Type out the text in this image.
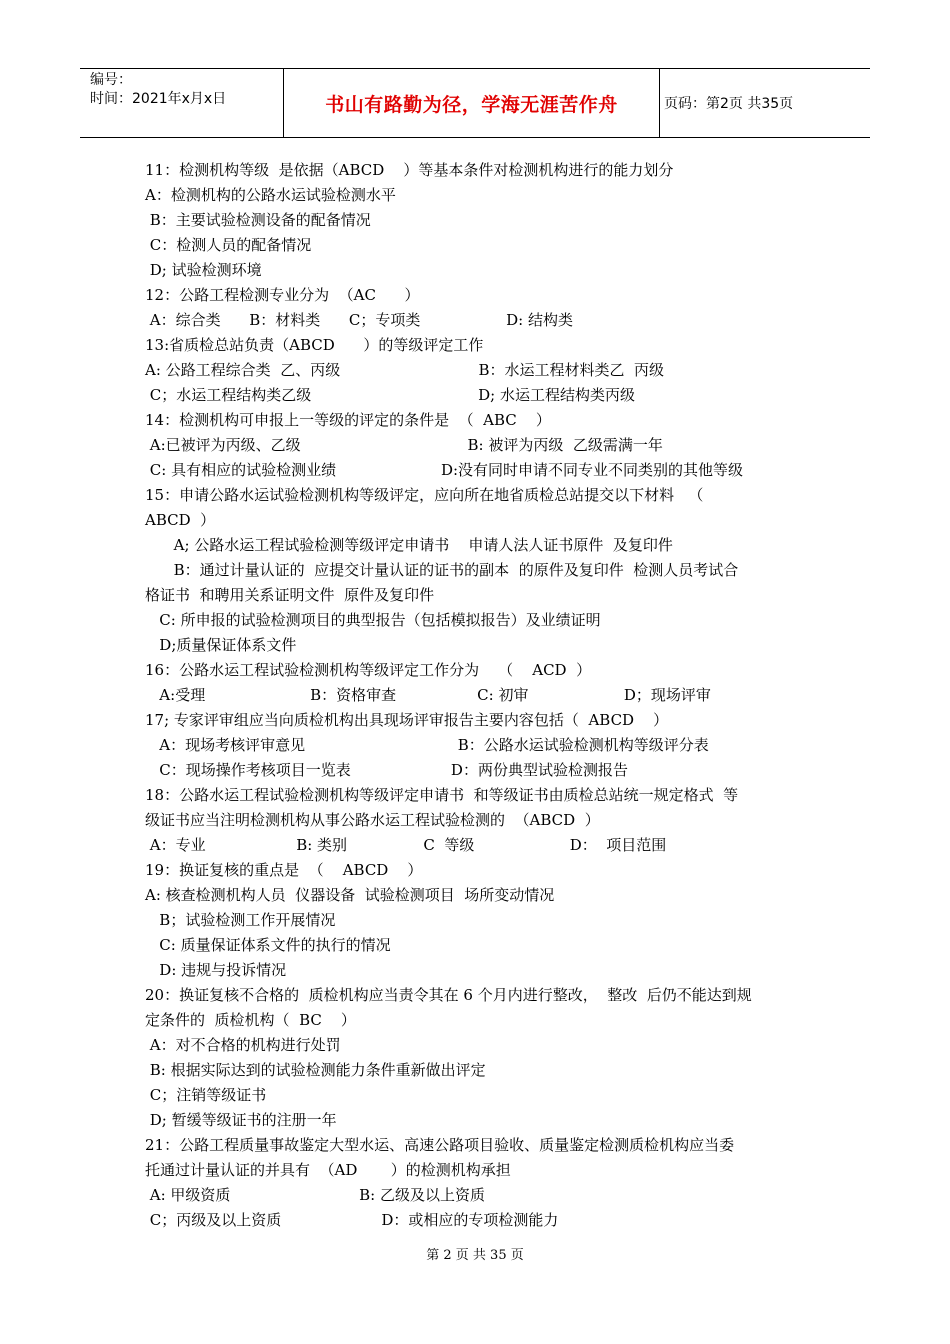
编号：
时间：2021年x月x日	书山有路勤为径，学海无涯苦作舟	页码：第2页 共35页
11：检测机构等级  是依据（ABCD    ）等基本条件对检测机构进行的能力划分
A：检测机构的公路水运试验检测水平
B：主要试验检测设备的配备情况
C：检测人员的配备情况
D; 试验检测环境
12：公路工程检测专业分为  （AC      ）
A：综合类      B：材料类      C；专项类                  D: 结构类
13:省质检总站负责（ABCD      ）的等级评定工作
A: 公路工程综合类  乙、丙级                             B：水运工程材料类乙  丙级
C；水运工程结构类乙级                                   D; 水运工程结构类丙级
14：检测机构可申报上一等级的评定的条件是  （  ABC    ）
A:已被评为丙级、乙级                                   B: 被评为丙级  乙级需满一年
C: 具有相应的试验检测业绩                      D:没有同时申请不同专业不同类别的其他等级
15：申请公路水运试验检测机构等级评定，应向所在地省质检总站提交以下材料   （
ABCD  ）
A; 公路水运工程试验检测等级评定申请书    申请人法人证书原件  及复印件
B：通过计量认证的  应提交计量认证的证书的副本  的原件及复印件  检测人员考试合
格证书  和聘用关系证明文件  原件及复印件
C: 所申报的试验检测项目的典型报告（包括模拟报告）及业绩证明
D;质量保证体系文件
16：公路水运工程试验检测机构等级评定工作分为    （    ACD  ）
A:受理                      B：资格审查                 C: 初审                    D；现场评审
17; 专家评审组应当向质检机构出具现场评审报告主要内容包括（  ABCD    ）
A：现场考核评审意见                                B：公路水运试验检测机构等级评分表
C：现场操作考核项目一览表                     D：两份典型试验检测报告
18：公路水运工程试验检测机构等级评定申请书  和等级证书由质检总站统一规定格式  等
级证书应当注明检测机构从事公路水运工程试验检测的  （ABCD  ）
A：专业                   B: 类别                C  等级                    D：  项目范围
19：换证复核的重点是  （    ABCD    ）
A: 核查检测机构人员  仪器设备  试验检测项目  场所变动情况
B；试验检测工作开展情况
C: 质量保证体系文件的执行的情况
D: 违规与投诉情况
20：换证复核不合格的  质检机构应当责令其在 6 个月内进行整改，  整改  后仍不能达到规
定条件的  质检机构（  BC    ）
A：对不合格的机构进行处罚
B: 根据实际达到的试验检测能力条件重新做出评定
C；注销等级证书
D; 暂缓等级证书的注册一年
21：公路工程质量事故鉴定大型水运、高速公路项目验收、质量鉴定检测质检机构应当委
托通过计量认证的并具有  （AD       ）的检测机构承担
A: 甲级资质                           B: 乙级及以上资质
C；丙级及以上资质                     D：或相应的专项检测能力
第 2 页 共 35 页
